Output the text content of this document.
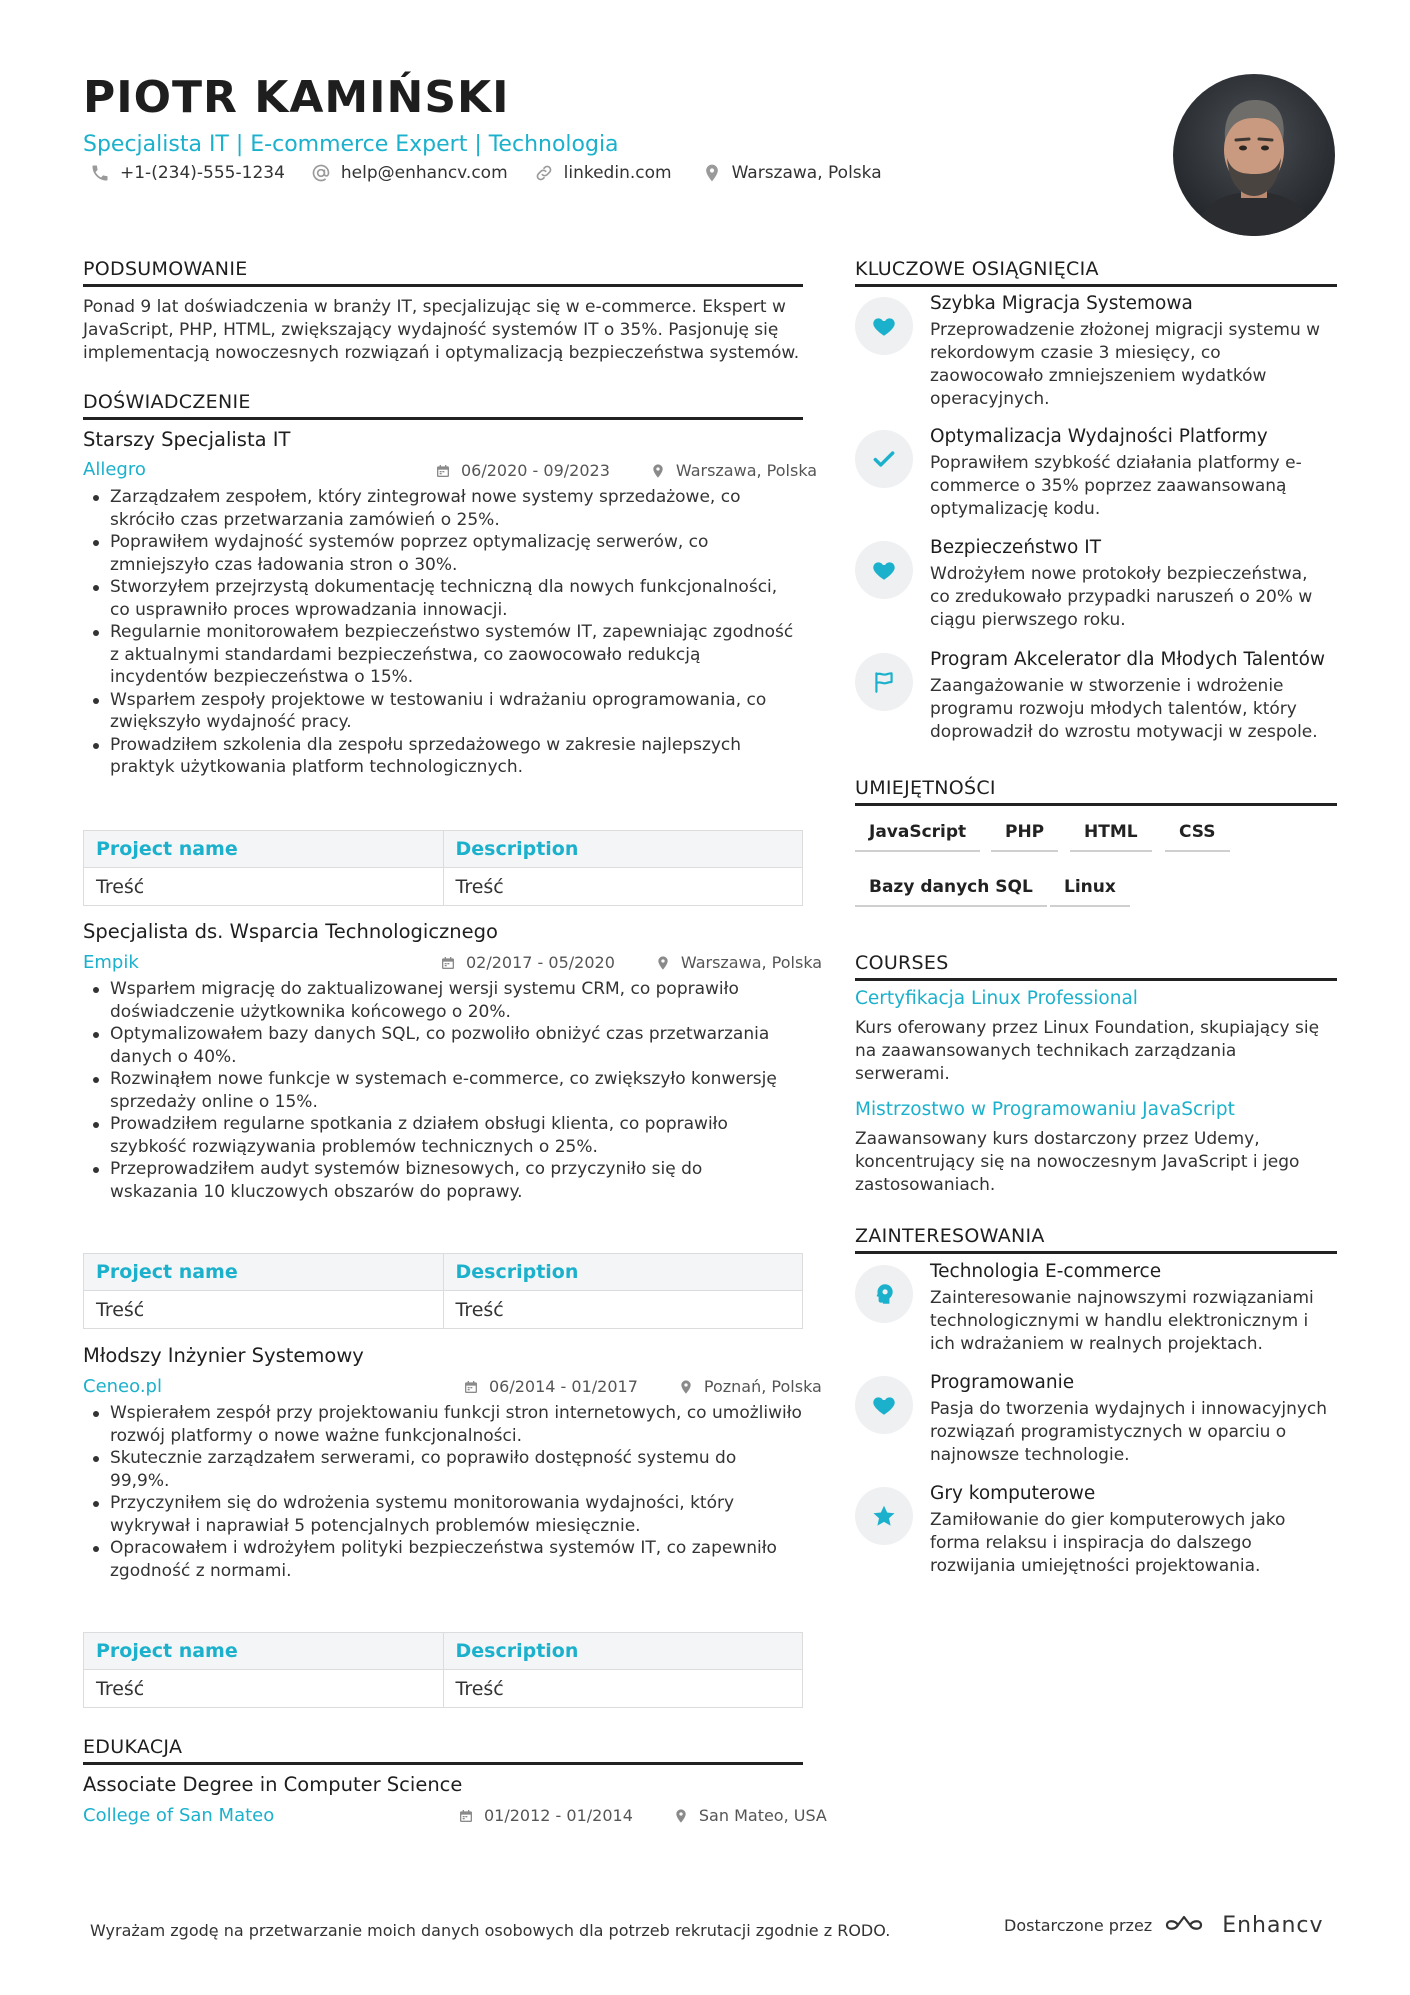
PIOTR KAMIŃSKI
Specjalista IT | E-commerce Expert | Technologia
+1-(234)-555-1234	help@enhancv.com	linkedin.com	Warszawa, Polska
PODSUMOWANIE
Ponad 9 lat doświadczenia w branży IT, specjalizując się w e-commerce. Ekspert w
JavaScript, PHP, HTML, zwiększający wydajność systemów IT o 35%. Pasjonuję się
implementacją nowoczesnych rozwiązań i optymalizacją bezpieczeństwa systemów.
DOŚWIADCZENIE
Starszy Specjalista IT
Allegro	06/2020 - 09/2023	Warszawa, Polska
Zarządzałem zespołem, który zintegrował nowe systemy sprzedażowe, co
skróciło czas przetwarzania zamówień o 25%.
Poprawiłem wydajność systemów poprzez optymalizację serwerów, co
zmniejszyło czas ładowania stron o 30%.
Stworzyłem przejrzystą dokumentację techniczną dla nowych funkcjonalności,
co usprawniło proces wprowadzania innowacji.
Regularnie monitorowałem bezpieczeństwo systemów IT, zapewniając zgodność
z aktualnymi standardami bezpieczeństwa, co zaowocowało redukcją
incydentów bezpieczeństwa o 15%.
Wsparłem zespoły projektowe w testowaniu i wdrażaniu oprogramowania, co
zwiększyło wydajność pracy.
Prowadziłem szkolenia dla zespołu sprzedażowego w zakresie najlepszych
praktyk użytkowania platform technologicznych.
Project name	Description
Treść	Treść
Specjalista ds. Wsparcia Technologicznego
Empik	02/2017 - 05/2020	Warszawa, Polska
Wsparłem migrację do zaktualizowanej wersji systemu CRM, co poprawiło
doświadczenie użytkownika końcowego o 20%.
Optymalizowałem bazy danych SQL, co pozwoliło obniżyć czas przetwarzania
danych o 40%.
Rozwinąłem nowe funkcje w systemach e-commerce, co zwiększyło konwersję
sprzedaży online o 15%.
Prowadziłem regularne spotkania z działem obsługi klienta, co poprawiło
szybkość rozwiązywania problemów technicznych o 25%.
Przeprowadziłem audyt systemów biznesowych, co przyczyniło się do
wskazania 10 kluczowych obszarów do poprawy.
Project name	Description
Treść	Treść
Młodszy Inżynier Systemowy
Ceneo.pl	06/2014 - 01/2017	Poznań, Polska
Wspierałem zespół przy projektowaniu funkcji stron internetowych, co umożliwiło
rozwój platformy o nowe ważne funkcjonalności.
Skutecznie zarządzałem serwerami, co poprawiło dostępność systemu do
99,9%.
Przyczyniłem się do wdrożenia systemu monitorowania wydajności, który
wykrywał i naprawiał 5 potencjalnych problemów miesięcznie.
Opracowałem i wdrożyłem polityki bezpieczeństwa systemów IT, co zapewniło
zgodność z normami.
Project name	Description
Treść	Treść
EDUKACJA
Associate Degree in Computer Science
College of San Mateo	01/2012 - 01/2014	San Mateo, USA
KLUCZOWE OSIĄGNIĘCIA
Szybka Migracja Systemowa
Przeprowadzenie złożonej migracji systemu w
rekordowym czasie 3 miesięcy, co
zaowocowało zmniejszeniem wydatków
operacyjnych.
Optymalizacja Wydajności Platformy
Poprawiłem szybkość działania platformy e-
commerce o 35% poprzez zaawansowaną
optymalizację kodu.
Bezpieczeństwo IT
Wdrożyłem nowe protokoły bezpieczeństwa,
co zredukowało przypadki naruszeń o 20% w
ciągu pierwszego roku.
Program Akcelerator dla Młodych Talentów
Zaangażowanie w stworzenie i wdrożenie
programu rozwoju młodych talentów, który
doprowadził do wzrostu motywacji w zespole.
UMIEJĘTNOŚCI
JavaScript	PHP	HTML	CSS
Bazy danych SQL	Linux
COURSES
Certyfikacja Linux Professional
Kurs oferowany przez Linux Foundation, skupiający się
na zaawansowanych technikach zarządzania
serwerami.
Mistrzostwo w Programowaniu JavaScript
Zaawansowany kurs dostarczony przez Udemy,
koncentrujący się na nowoczesnym JavaScript i jego
zastosowaniach.
ZAINTERESOWANIA
Technologia E-commerce
Zainteresowanie najnowszymi rozwiązaniami
technologicznymi w handlu elektronicznym i
ich wdrażaniem w realnych projektach.
Programowanie
Pasja do tworzenia wydajnych i innowacyjnych
rozwiązań programistycznych w oparciu o
najnowsze technologie.
Gry komputerowe
Zamiłowanie do gier komputerowych jako
forma relaksu i inspiracja do dalszego
rozwijania umiejętności projektowania.
Wyrażam zgodę na przetwarzanie moich danych osobowych dla potrzeb rekrutacji zgodnie z RODO.	Dostarczone przez	Enhancv
